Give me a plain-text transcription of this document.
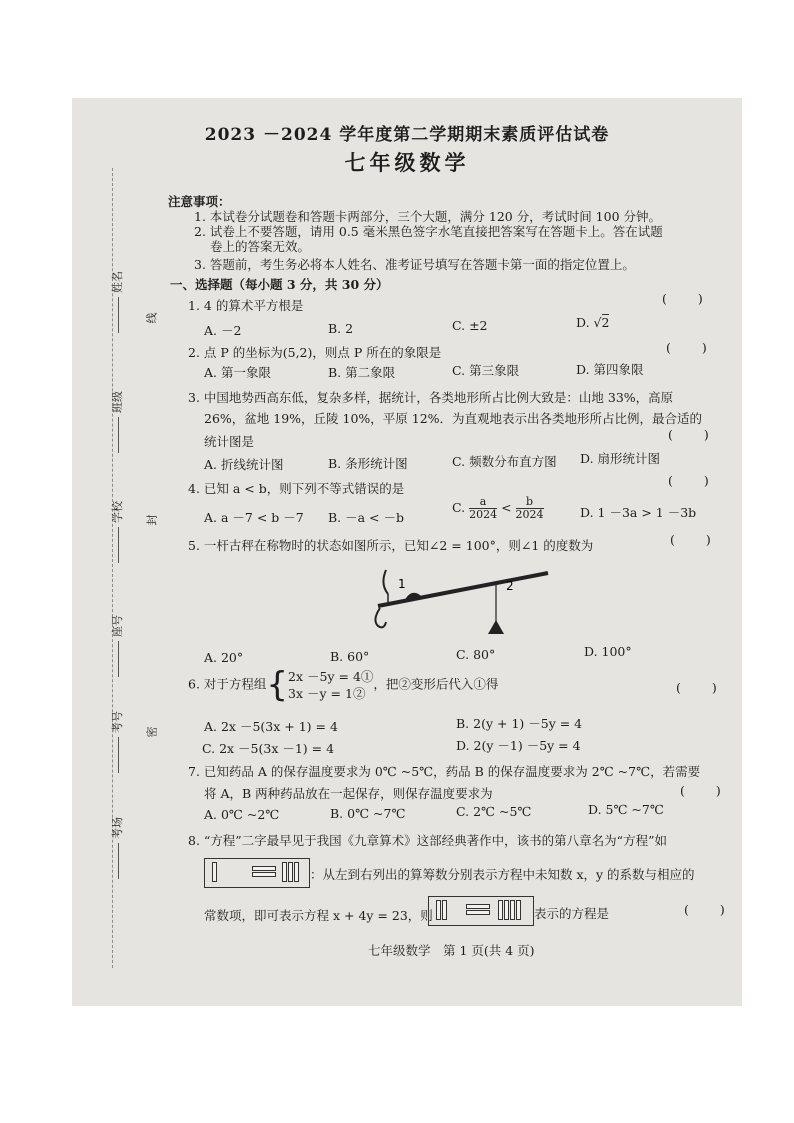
姓名
班级
学校
座号
考号
考场
线
封
密
2023 －2024 学年度第二学期期末素质评估试卷
七年级数学
注意事项：
1. 本试卷分试题卷和答题卡两部分，三个大题，满分 120 分，考试时间 100 分钟。
2. 试卷上不要答题，请用 0.5 毫米黑色签字水笔直接把答案写在答题卡上。答在试题
卷上的答案无效。
3. 答题前，考生务必将本人姓名、准考证号填写在答题卡第一面的指定位置上。
一、选择题（每小题 3 分，共 30 分）
1. 4 的算术平方根是	(　　)
A. －2	B. 2	C. ±2	D. √2
2. 点 P 的坐标为(5,2)，则点 P 所在的象限是	(　　)
A. 第一象限	B. 第二象限	C. 第三象限	D. 第四象限
3. 中国地势西高东低，复杂多样，据统计，各类地形所占比例大致是：山地 33%，高原
26%，盆地 19%，丘陵 10%，平原 12%．为直观地表示出各类地形所占比例，最合适的
统计图是	(　　)
A. 折线统计图	B. 条形统计图	C. 频数分布直方图 D. 扇形统计图
4. 已知 a < b，则下列不等式错误的是
(　　)
A. a －7 < b －7 B. －a < －b
C. $\frac{a}{2024} < \frac{b}{2024}$	D. 1 －3a > 1 －3b
5. 一杆古秤在称物时的状态如图所示，已知∠2 = 100°，则∠1 的度数为	(　　)
1	2
A. 20°	B. 60°	C. 80°	D. 100°
6. 对于方程组{2x －5y = 4①
3x －y = 1②，把②变形后代入①得	(　　)
A. 2x －5(3x + 1) = 4	B. 2(y + 1) －5y = 4
C. 2x －5(3x －1) = 4	D. 2(y －1) －5y = 4
7. 已知药品 A 的保存温度要求为 0℃ ~5℃，药品 B 的保存温度要求为 2℃ ~7℃，若需要
将 A，B 两种药品放在一起保存，则保存温度要求为	(　　)
A. 0℃ ~2℃	B. 0℃ ~7℃	C. 2℃ ~5℃	D. 5℃ ~7℃
8. “方程”二字最早见于我国《九章算术》这部经典著作中，该书的第八章名为“方程”如
：从左到右列出的算筹数分别表示方程中未知数 x，y 的系数与相应的
常数项，即可表示方程 x + 4y = 23，则	表示的方程是	(　　)
七年级数学　第 1 页(共 4 页)
